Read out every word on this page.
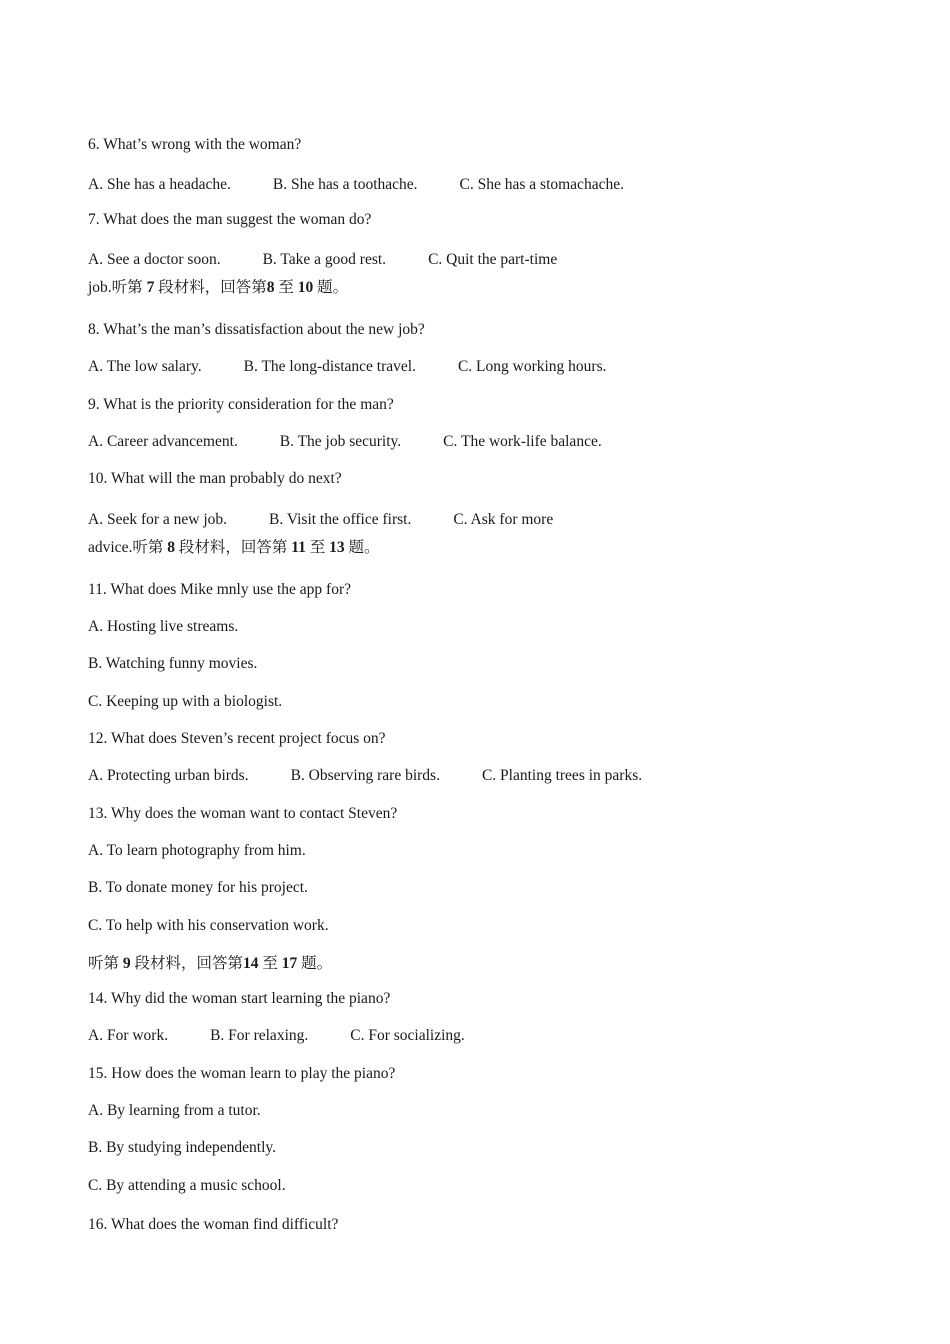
6. What’s wrong with the woman?
A. She has a headache.	B. She has a toothache.	C. She has a stomachache.
7. What does the man suggest the woman do?
A. See a doctor soon.	B. Take a good rest.	C. Quit the part-time
job.听第 7 段材料，回答第8 至 10 题。
8. What’s the man’s dissatisfaction about the new job?
A. The low salary.	B. The long-distance travel.	C. Long working hours.
9. What is the priority consideration for the man?
A. Career advancement.	B. The job security.	C. The work-life balance.
10. What will the man probably do next?
A. Seek for a new job.	B. Visit the office first.	C. Ask for more
advice.听第 8 段材料，回答第 11 至 13 题。
11. What does Mike mnly use the app for?
A. Hosting live streams.
B. Watching funny movies.
C. Keeping up with a biologist.
12. What does Steven’s recent project focus on?
A. Protecting urban birds.	B. Observing rare birds.	C. Planting trees in parks.
13. Why does the woman want to contact Steven?
A. To learn photography from him.
B. To donate money for his project.
C. To help with his conservation work.
听第 9 段材料，回答第14 至 17 题。
14. Why did the woman start learning the piano?
A. For work.	B. For relaxing.	C. For socializing.
15. How does the woman learn to play the piano?
A. By learning from a tutor.
B. By studying independently.
C. By attending a music school.
16. What does the woman find difficult?
